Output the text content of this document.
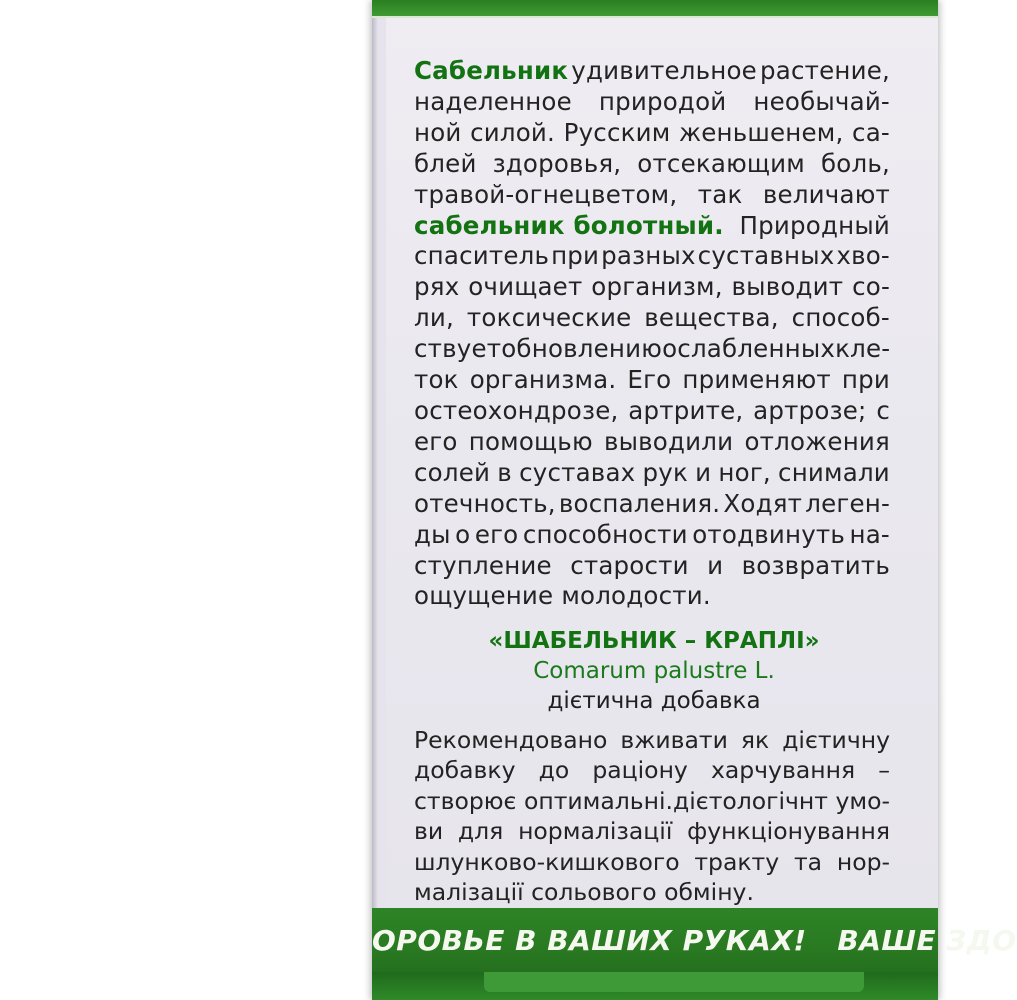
Сабельник удивительное растение,
наделенное природой необычай-
ной силой. Русским женьшенем, са-
блей здоровья, отсекающим боль,
травой-огнецветом, так величают
сабельник болотный. Природный
спаситель при разных суставных хво-
рях очищает организм, выводит со-
ли, токсические вещества, способ-
ствует обновлению ослабленных кле-
ток организма. Его применяют при
остеохондрозе, артрите, артрозе; с
его помощью выводили отложения
солей в суставах рук и ног, снимали
отечность, воспаления. Ходят леген-
ды о его способности отодвинуть на-
ступление старости и возвратить
ощущение молодости.
«ШАБЕЛЬНИК – КРАПЛІ»
Comarum palustre L.
дієтична добавка
Рекомендовано вживати як дієтичну
добавку до раціону харчування –
створює оптимальні.дієтологічнт умо-
ви для нормалізації функціонування
шлунково-кишкового тракту та нор-
малізації сольового обміну.
ОРОВЬЕ В ВАШИХ РУКАХ!   ВАШЕ ЗДО
